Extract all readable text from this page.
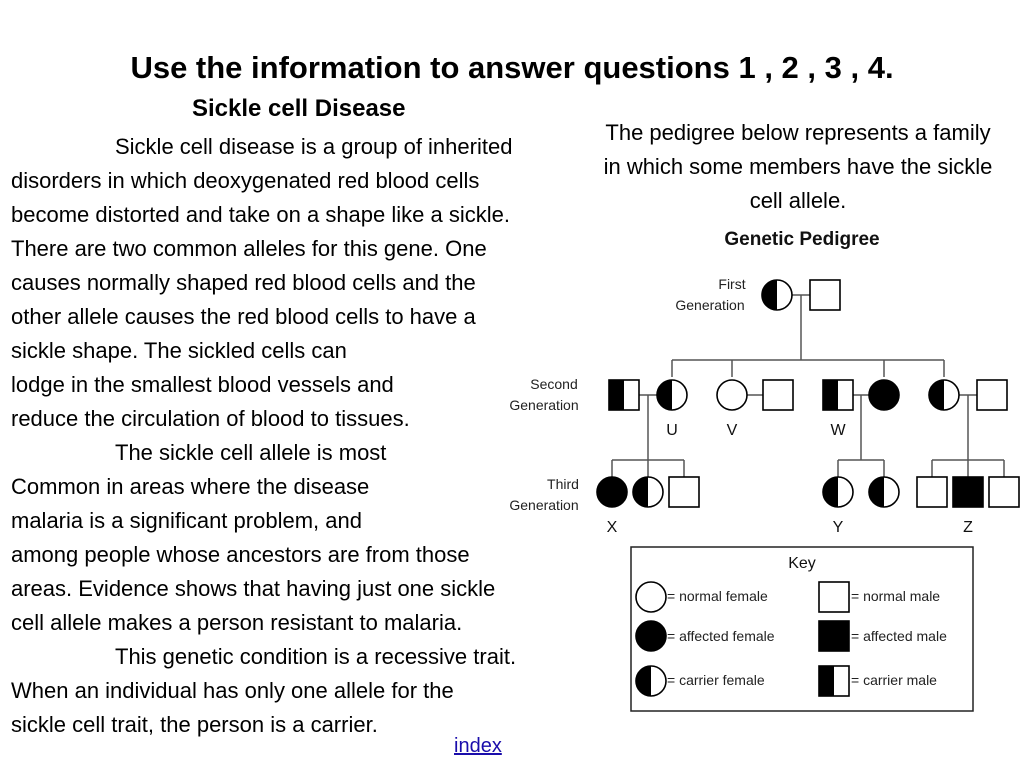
Use the information to answer questions 1 , 2 , 3 , 4.
Sickle cell Disease
Sickle cell disease is a group of inherited
disorders in which deoxygenated red blood cells
become distorted and take on a shape like a sickle.
There are two common alleles for this gene. One
causes normally shaped red blood cells and the
other allele causes the red blood cells to have a
sickle shape. The sickled cells can
lodge in the smallest blood vessels and
reduce the circulation of blood to tissues.
The sickle cell allele is most
Common in areas where the disease
malaria is a significant problem, and
among people whose ancestors are from those
areas. Evidence shows that having just one sickle
cell allele makes a person resistant to malaria.
This genetic condition is a recessive trait.
When an individual has only one allele for the
sickle cell trait, the person is a carrier.
The pedigree below represents a family in which some members have the sickle cell allele.
Genetic Pedigree
First
Generation
Second
Generation
Third
Generation
U	V	W
X	Y	Z
Key
= normal female
= affected female
= carrier female
= normal male
= affected male
= carrier male
index
